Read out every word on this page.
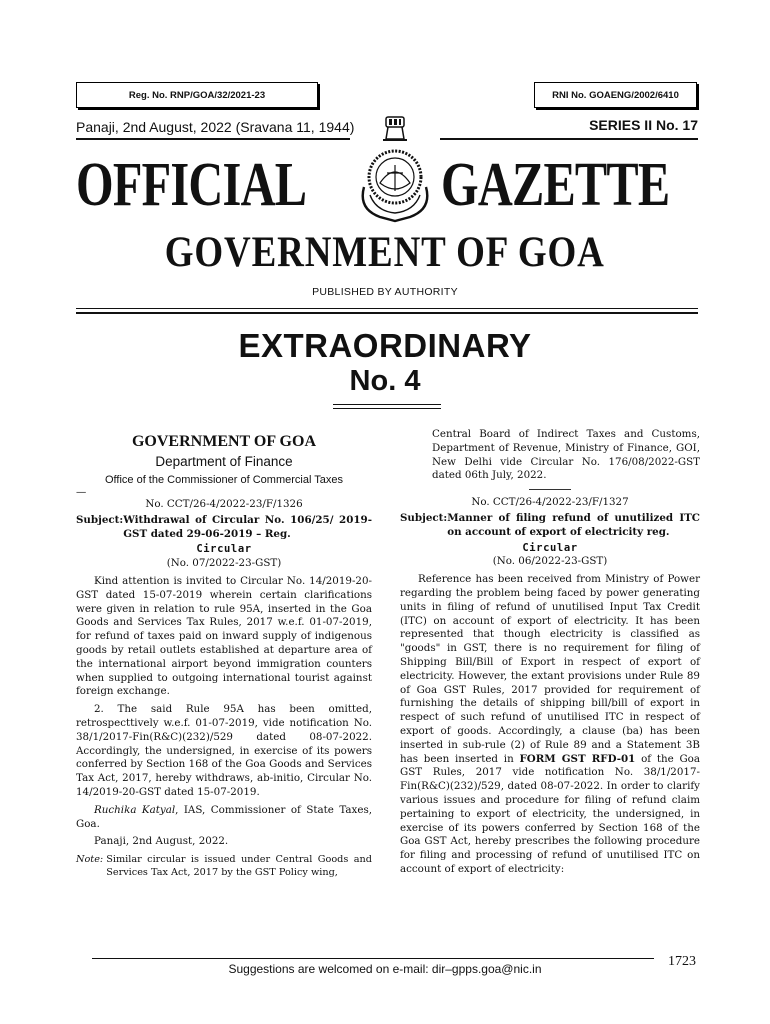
Reg. No. RNP/GOA/32/2021-23	RNI No. GOAENG/2002/6410
Panaji, 2nd August, 2022 (Sravana 11, 1944)	SERIES II No. 17
OFFICIAL GAZETTE
GOVERNMENT OF GOA
PUBLISHED BY AUTHORITY
EXTRAORDINARY
No. 4

GOVERNMENT OF GOA

Department of Finance

Office of the Commissioner of Commercial Taxes

—

No. CCT/26-4/2022-23/F/1326

Subject: Withdrawal of Circular No. 106/25/ 2019-GST dated 29-06-2019 – Reg.

Circular

(No. 07/2022-23-GST)

Kind attention is invited to Circular No. 14/2019-20-GST dated 15-07-2019 wherein certain clarifications were given in relation to rule 95A, inserted in the Goa Goods and Services Tax Rules, 2017 w.e.f. 01-07-2019, for refund of taxes paid on inward supply of indigenous goods by retail outlets established at departure area of the international airport beyond immigration counters when supplied to outgoing international tourist against foreign exchange.

2. The said Rule 95A has been omitted, retrospecttively w.e.f. 01-07-2019, vide notification No. 38/1/2017-Fin(R&C)(232)/529 dated 08-07-2022. Accordingly, the undersigned, in exercise of its powers conferred by Section 168 of the Goa Goods and Services Tax Act, 2017, hereby withdraws, ab-initio, Circular No. 14/2019-20-GST dated 15-07-2019.

Ruchika Katyal, IAS, Commissioner of State Taxes, Goa.

Panaji, 2nd August, 2022.

Note: Similar circular is issued under Central Goods and Services Tax Act, 2017 by the GST Policy wing,

Central Board of Indirect Taxes and Customs, Department of Revenue, Ministry of Finance, GOI, New Delhi vide Circular No. 176/08/2022-GST dated 06th July, 2022.

No. CCT/26-4/2022-23/F/1327

Subject: Manner of filing refund of unutilized ITC on account of export of electricity reg.

Circular

(No. 06/2022-23-GST)

Reference has been received from Ministry of Power regarding the problem being faced by power generating units in filing of refund of unutilised Input Tax Credit (ITC) on account of export of electricity. It has been represented that though electricity is classified as "goods" in GST, there is no requirement for filing of Shipping Bill/Bill of Export in respect of export of electricity. However, the extant provisions under Rule 89 of Goa GST Rules, 2017 provided for requirement of furnishing the details of shipping bill/bill of export in respect of such refund of unutilised ITC in respect of export of goods. Accordingly, a clause (ba) has been inserted in sub-rule (2) of Rule 89 and a Statement 3B has been inserted in FORM GST RFD-01 of the Goa GST Rules, 2017 vide notification No. 38/1/2017-Fin(R&C)(232)/529, dated 08-07-2022. In order to clarify various issues and procedure for filing of refund claim pertaining to export of electricity, the undersigned, in exercise of its powers conferred by Section 168 of the Goa GST Act, hereby prescribes the following procedure for filing and processing of refund of unutilised ITC on account of export of electricity:

1723
Suggestions are welcomed on e-mail: dir–gpps.goa@nic.in
